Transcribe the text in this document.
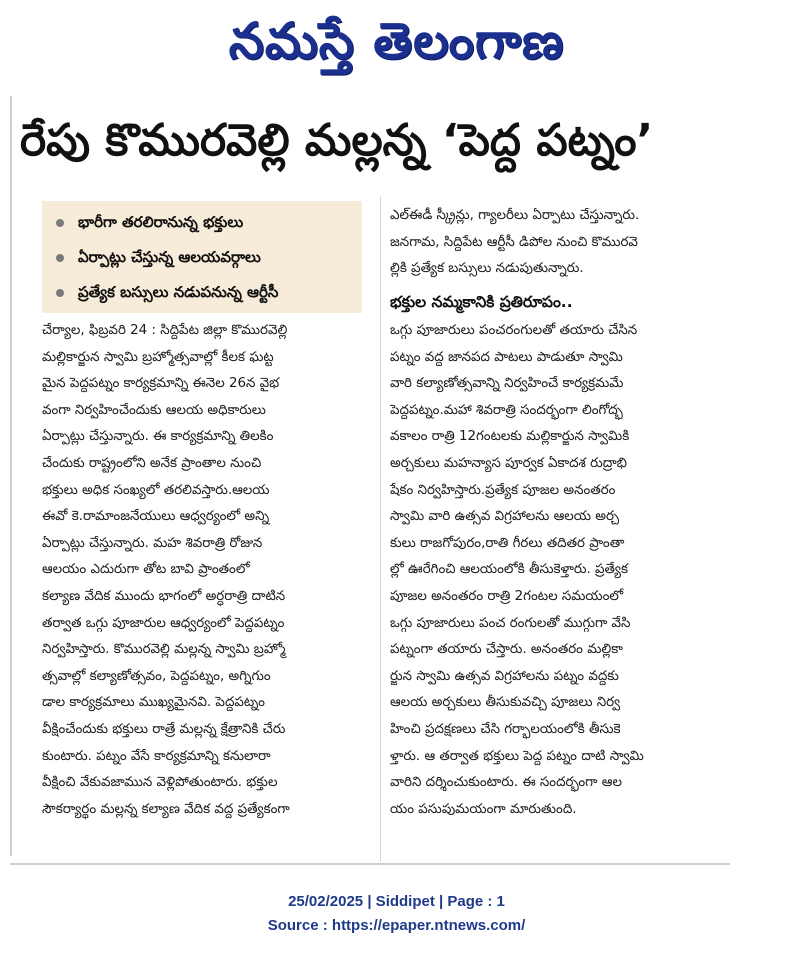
నమస్తే తెలంగాణ
రేపు కొమురవెల్లి మల్లన్న ‘పెద్ద పట్నం’
భారీగా తరలిరానున్న భక్తులు
ఏర్పాట్లు చేస్తున్న ఆలయవర్గాలు
ప్రత్యేక బస్సులు నడుపనున్న ఆర్టీసీ
చేర్యాల, ఫిబ్రవరి 24 : సిద్దిపేట జిల్లా కొమురవెల్లి
మల్లికార్జున స్వామి బ్రహ్మోత్సవాల్లో కీలక ఘట్ట
మైన పెద్దపట్నం కార్యక్రమాన్ని ఈనెల 26న వైభ
వంగా నిర్వహించేందుకు ఆలయ అధికారులు
ఏర్పాట్లు చేస్తున్నారు. ఈ కార్యక్రమాన్ని తిలకిం
చేందుకు రాష్ట్రంలోని అనేక ప్రాంతాల నుంచి
భక్తులు అధిక సంఖ్యలో తరలివస్తారు.ఆలయ
ఈవో కె.రామాంజనేయులు ఆధ్వర్యంలో అన్ని
ఏర్పాట్లు చేస్తున్నారు. మహ శివరాత్రి రోజున
ఆలయం ఎదురుగా తోట బావి ప్రాంతంలో
కల్యాణ వేదిక ముందు భాగంలో అర్ధరాత్రి దాటిన
తర్వాత ఒగ్గు పూజారుల ఆధ్వర్యంలో పెద్దపట్నం
నిర్వహిస్తారు. కొమురవెల్లి మల్లన్న స్వామి బ్రహ్మో
త్సవాల్లో కల్యాణోత్సవం, పెద్దపట్నం, అగ్నిగుం
డాల కార్యక్రమాలు ముఖ్యమైనవి. పెద్దపట్నం
వీక్షించేందుకు భక్తులు రాత్రే మల్లన్న క్షేత్రానికి చేరు
కుంటారు. పట్నం వేసే కార్యక్రమాన్ని కనులారా
వీక్షించి వేకువజామున వెళ్లిపోతుంటారు. భక్తుల
సౌకర్యార్థం మల్లన్న కల్యాణ వేదిక వద్ద ప్రత్యేకంగా
ఎల్ఈడీ స్క్రీన్లు, గ్యాలరీలు ఏర్పాటు చేస్తున్నారు.
జనగామ, సిద్దిపేట ఆర్టీసీ డిపోల నుంచి కొమురవె
ల్లికి ప్రత్యేక బస్సులు నడుపుతున్నారు.
భక్తుల నమ్మకానికి ప్రతిరూపం..
ఒగ్గు పూజారులు పంచరంగులతో తయారు చేసిన
పట్నం వద్ద జానపద పాటలు పాడుతూ స్వామి
వారి కల్యాణోత్సవాన్ని నిర్వహించే కార్యక్రమమే
పెద్దపట్నం.మహా శివరాత్రి సందర్భంగా లింగోద్భ
వకాలం రాత్రి 12గంటలకు మల్లికార్జున స్వామికి
అర్చకులు మహన్యాస పూర్వక ఏకాదశ రుద్రాభి
షేకం నిర్వహిస్తారు.ప్రత్యేక పూజల అనంతరం
స్వామి వారి ఉత్సవ విగ్రహాలను ఆలయ అర్చ
కులు రాజగోపురం,రాతి గీరలు తదితర ప్రాంతా
ల్లో ఊరేగించి ఆలయంలోకి తీసుకెళ్తారు. ప్రత్యేక
పూజల అనంతరం రాత్రి 2గంటల సమయంలో
ఒగ్గు పూజారులు పంచ రంగులతో ముగ్గుగా వేసి
పట్నంగా తయారు చేస్తారు. అనంతరం మల్లికా
ర్జున స్వామి ఉత్సవ విగ్రహాలను పట్నం వద్దకు
ఆలయ అర్చకులు తీసుకువచ్చి పూజలు నిర్వ
హించి ప్రదక్షణలు చేసి గర్భాలయంలోకి తీసుకె
ళ్తారు. ఆ తర్వాత భక్తులు పెద్ద పట్నం దాటి స్వామి
వారిని దర్శించుకుంటారు. ఈ సందర్భంగా ఆల
యం పసుపుమయంగా మారుతుంది.
25/02/2025 | Siddipet | Page : 1
Source : https://epaper.ntnews.com/
